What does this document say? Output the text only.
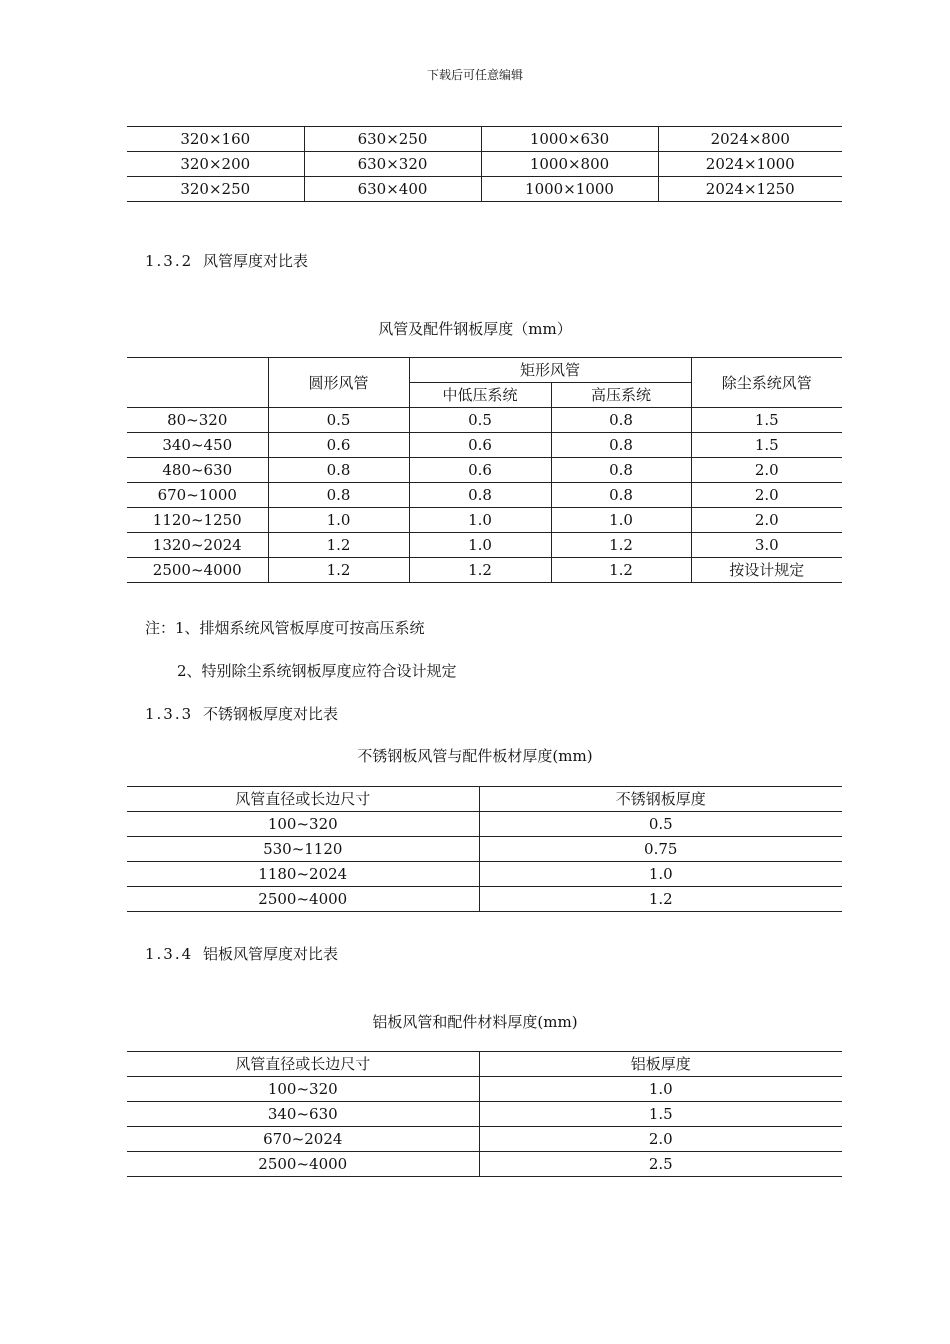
下载后可任意编辑
320×160	630×250	1000×630	2024×800
320×200	630×320	1000×800	2024×1000
320×250	630×400	1000×1000	2024×1250
1.3.2 风管厚度对比表
风管及配件钢板厚度（mm）
	圆形风管	矩形风管		除尘系统风管
		中低压系统	高压系统	
80~320	0.5	0.5	0.8	1.5
340~450	0.6	0.6	0.8	1.5
480~630	0.8	0.6	0.8	2.0
670~1000	0.8	0.8	0.8	2.0
1120~1250	1.0	1.0	1.0	2.0
1320~2024	1.2	1.0	1.2	3.0
2500~4000	1.2	1.2	1.2	按设计规定
注：1、排烟系统风管板厚度可按高压系统
2、特别除尘系统钢板厚度应符合设计规定
1.3.3 不锈钢板厚度对比表
不锈钢板风管与配件板材厚度(mm)
风管直径或长边尺寸	不锈钢板厚度
100~320	0.5
530~1120	0.75
1180~2024	1.0
2500~4000	1.2
1.3.4 铝板风管厚度对比表
铝板风管和配件材料厚度(mm)
风管直径或长边尺寸	铝板厚度
100~320	1.0
340~630	1.5
670~2024	2.0
2500~4000	2.5
